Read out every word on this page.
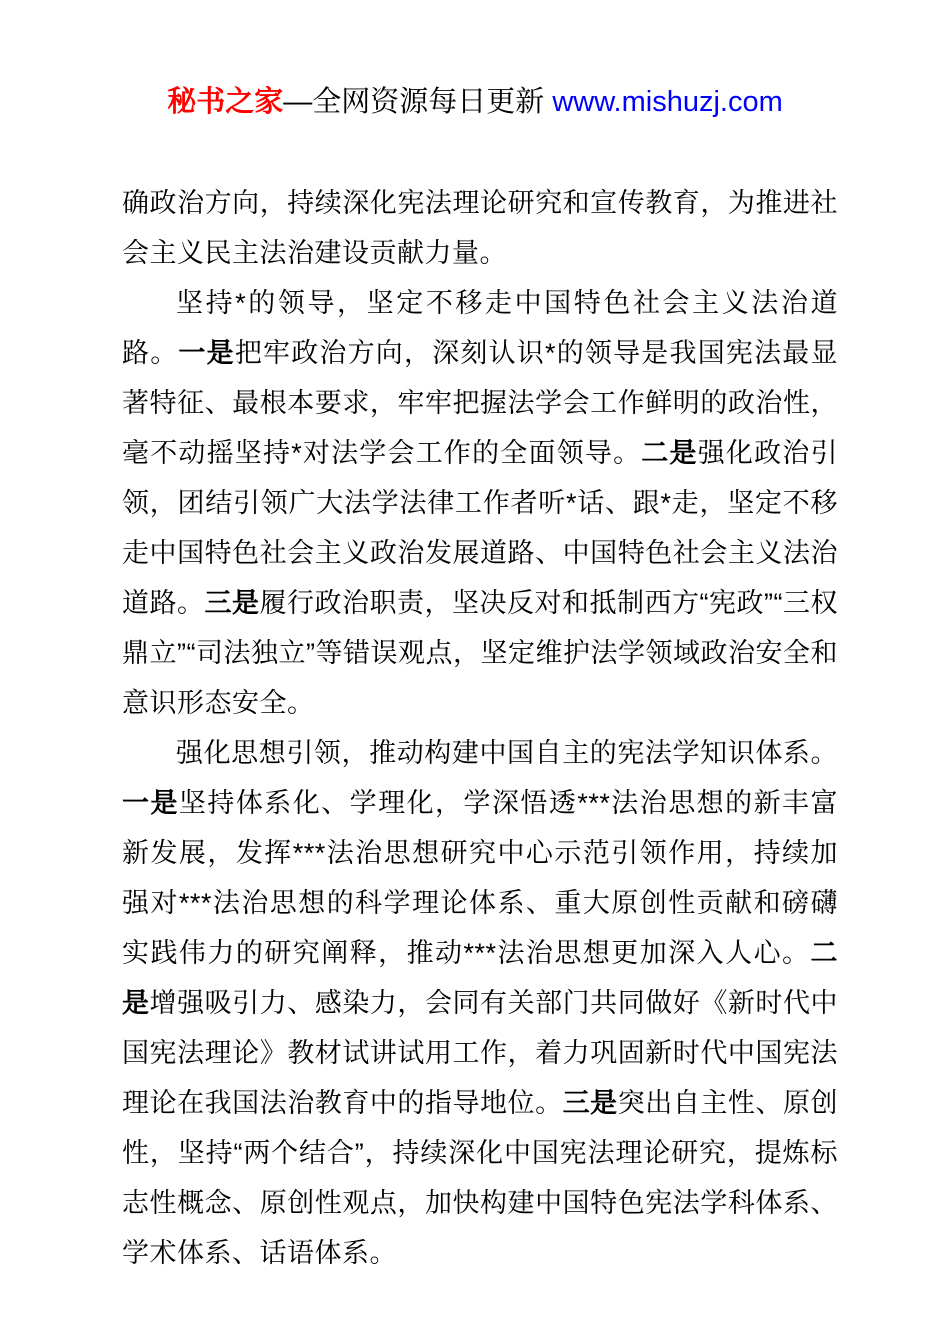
秘书之家—全网资源每日更新 www.mishuzj.com

确政治方向，持续深化宪法理论研究和宣传教育，为推进社会主义民主法治建设贡献力量。

坚持*的领导，坚定不移走中国特色社会主义法治道路。一是把牢政治方向，深刻认识*的领导是我国宪法最显著特征、最根本要求，牢牢把握法学会工作鲜明的政治性，毫不动摇坚持*对法学会工作的全面领导。二是强化政治引领，团结引领广大法学法律工作者听*话、跟*走，坚定不移走中国特色社会主义政治发展道路、中国特色社会主义法治道路。三是履行政治职责，坚决反对和抵制西方“宪政”“三权鼎立”“司法独立”等错误观点，坚定维护法学领域政治安全和意识形态安全。

强化思想引领，推动构建中国自主的宪法学知识体系。一是坚持体系化、学理化，学深悟透***法治思想的新丰富新发展，发挥***法治思想研究中心示范引领作用，持续加强对***法治思想的科学理论体系、重大原创性贡献和磅礴实践伟力的研究阐释，推动***法治思想更加深入人心。二是增强吸引力、感染力，会同有关部门共同做好《新时代中国宪法理论》教材试讲试用工作，着力巩固新时代中国宪法理论在我国法治教育中的指导地位。三是突出自主性、原创性，坚持“两个结合”，持续深化中国宪法理论研究，提炼标志性概念、原创性观点，加快构建中国特色宪法学科体系、学术体系、话语体系。
